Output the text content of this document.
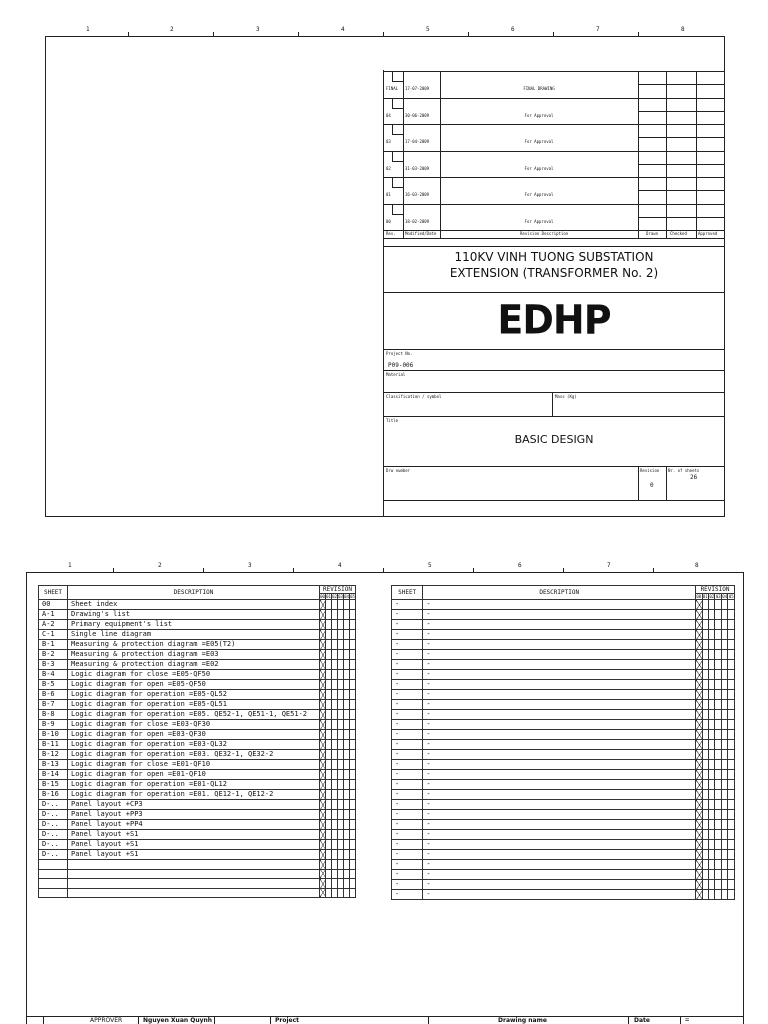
1	2	3	4	5	6	7	8
FINAL 17-07-2009	FINAL DRAWING
04	30-06-2009	For Approval
03	17-04-2009	For Approval
02	31-03-2009	For Approval
01	16-03-2009	For Approval
00	18-02-2009	For Approval
Rev. Modified/Date	Revision Description	Drawn	Checked	Approved
110KV VINH TUONG SUBSTATION
EXTENSION (TRANSFORMER No. 2)
EDHP
Project No.
P09-006
Material
Classification / symbol	Mass (Kg)
Title
BASIC DESIGN
Drw number	Revision
0
Nr. of sheets
26
1	2	3	4	5	6	7	8
SHEET	DESCRIPTION	REVISION					
		00	01	02	03	04	05
00	Sheet index						
A-1	Drawing's list						
A-2	Primary equipment's list						
C-1	Single line diagram						
B-1	Measuring & protection diagram =E05(T2)						
B-2	Measuring & protection diagram =E03						
B-3	Measuring & protection diagram =E02						
B-4	Logic diagram for close =E05-QF50						
B-5	Logic diagram for open =E05-QF50						
B-6	Logic diagram for operation =E05-QL52						
B-7	Logic diagram for operation =E05-QL51						
B-8	Logic diagram for operation =E05. QE52-1, QE51-1, QE51-2						
B-9	Logic diagram for close =E03-QF30						
B-10	Logic diagram for open =E03-QF30						
B-11	Logic diagram for operation =E03-QL32						
B-12	Logic diagram for operation =E03. QE32-1, QE32-2						
B-13	Logic diagram for close =E01-QF10						
B-14	Logic diagram for open =E01-QF10						
B-15	Logic diagram for operation =E01-QL12						
B-16	Logic diagram for operation =E01. QE12-1, QE12-2						
D-..	Panel layout +CP3						
D-..	Panel layout +PP3						
D-..	Panel layout +PP4						
D-..	Panel layout +S1						
D-..	Panel layout +S1						
D-..	Panel layout +S1						

SHEET	DESCRIPTION	REVISION					
		00	01	02	03	04	05
-	-						
-	-						
-	-						
-	-						
-	-						
-	-						
-	-						
-	-						
-	-						
-	-						
-	-						
-	-						
-	-						
-	-						
-	-						
-	-						
-	-						
-	-						
-	-						
-	-						
-	-						
-	-						
-	-						
-	-						
-	-						
-	-						
-	-						
-	-						
-	-						
-	-						
APPROVER	Nguyen Xuan Quynh	Project	Drawing name	Date	=
